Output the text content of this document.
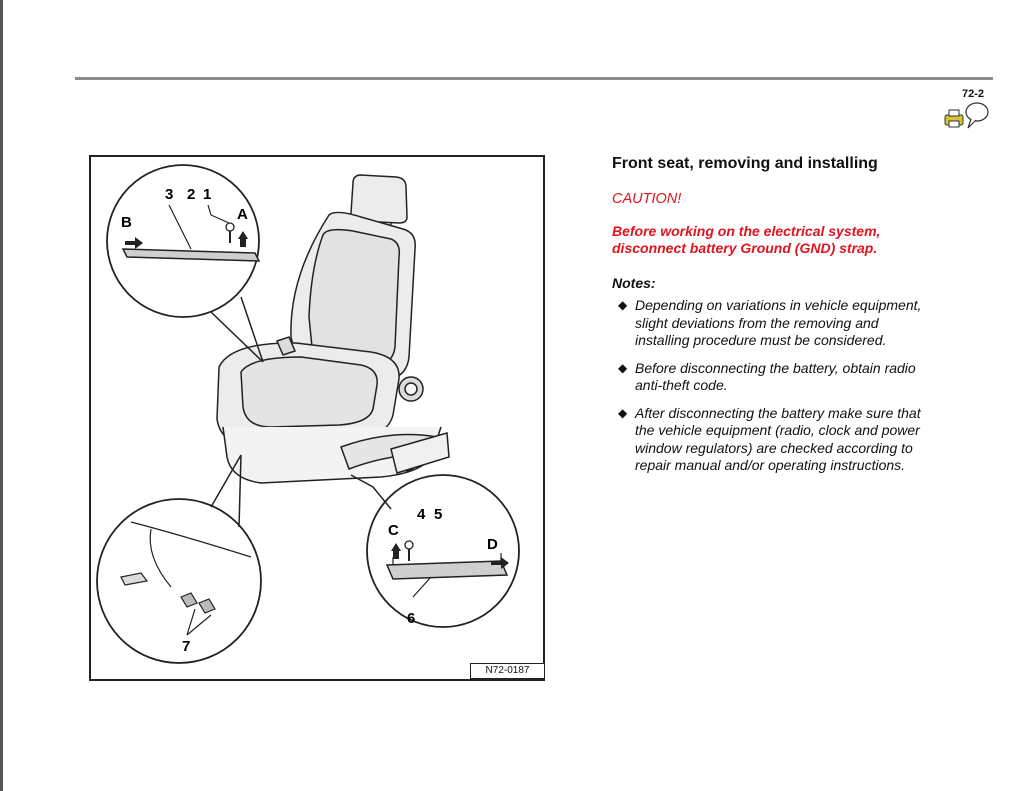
72-2
3 2 1
A
B
4 5
C
D
6
7
N72-0187
Front seat, removing and installing
CAUTION!
Before working on the electrical system,
disconnect battery Ground (GND) strap.
Notes:
◆ Depending on variations in vehicle equipment,
slight deviations from the removing and
installing procedure must be considered.
◆ Before disconnecting the battery, obtain radio
anti-theft code.
◆ After disconnecting the battery make sure that
the vehicle equipment (radio, clock and power
window regulators) are checked according to
repair manual and/or operating instructions.
